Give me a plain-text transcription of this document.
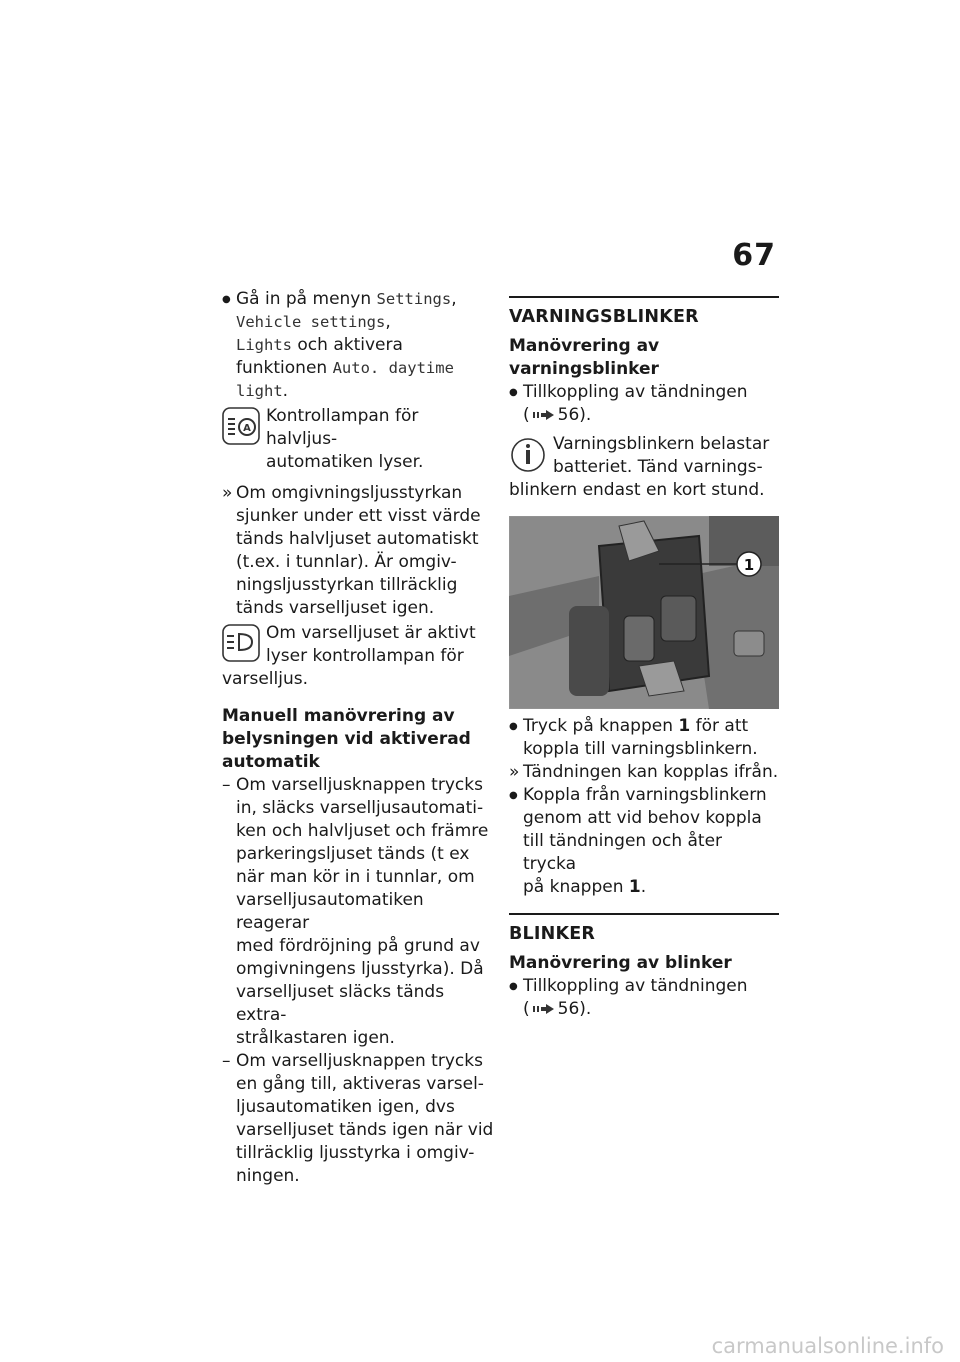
67
● Gå in på menyn Settings,
Vehicle settings,
Lights och aktivera
funktionen Auto. daytime
light.
A
Kontrollampan för halvljus-
automatiken lyser.
» Om omgivningsljusstyrkan
sjunker under ett visst värde
tänds halvljuset automatiskt
(t.ex. i tunnlar). Är omgiv-
ningsljusstyrkan tillräcklig
tänds varselljuset igen.
Om varselljuset är aktivt
lyser kontrollampan för
varselljus.
Manuell manövrering av
belysningen vid aktiverad
automatik
– Om varselljusknappen trycks
in, släcks varselljusautomati-
ken och halvljuset och främre
parkeringsljuset tänds (t ex
när man kör in i tunnlar, om
varselljusautomatiken reagerar
med fördröjning på grund av
omgivningens ljusstyrka). Då
varselljuset släcks tänds extra-
strålkastaren igen.
– Om varselljusknappen trycks
en gång till, aktiveras varsel-
ljusautomatiken igen, dvs
varselljuset tänds igen när vid
tillräcklig ljusstyrka i omgiv-
ningen.
VARNINGSBLINKER
Manövrering av
varningsblinker
● Tillkoppling av tändningen
( 56).
Varningsblinkern belastar
batteriet. Tänd varnings-
blinkern endast en kort stund.
1
● Tryck på knappen 1 för att
koppla till varningsblinkern.
» Tändningen kan kopplas ifrån.
● Koppla från varningsblinkern
genom att vid behov koppla
till tändningen och åter trycka
på knappen 1.
BLINKER
Manövrering av blinker
● Tillkoppling av tändningen
( 56).
carmanualsonline.info
